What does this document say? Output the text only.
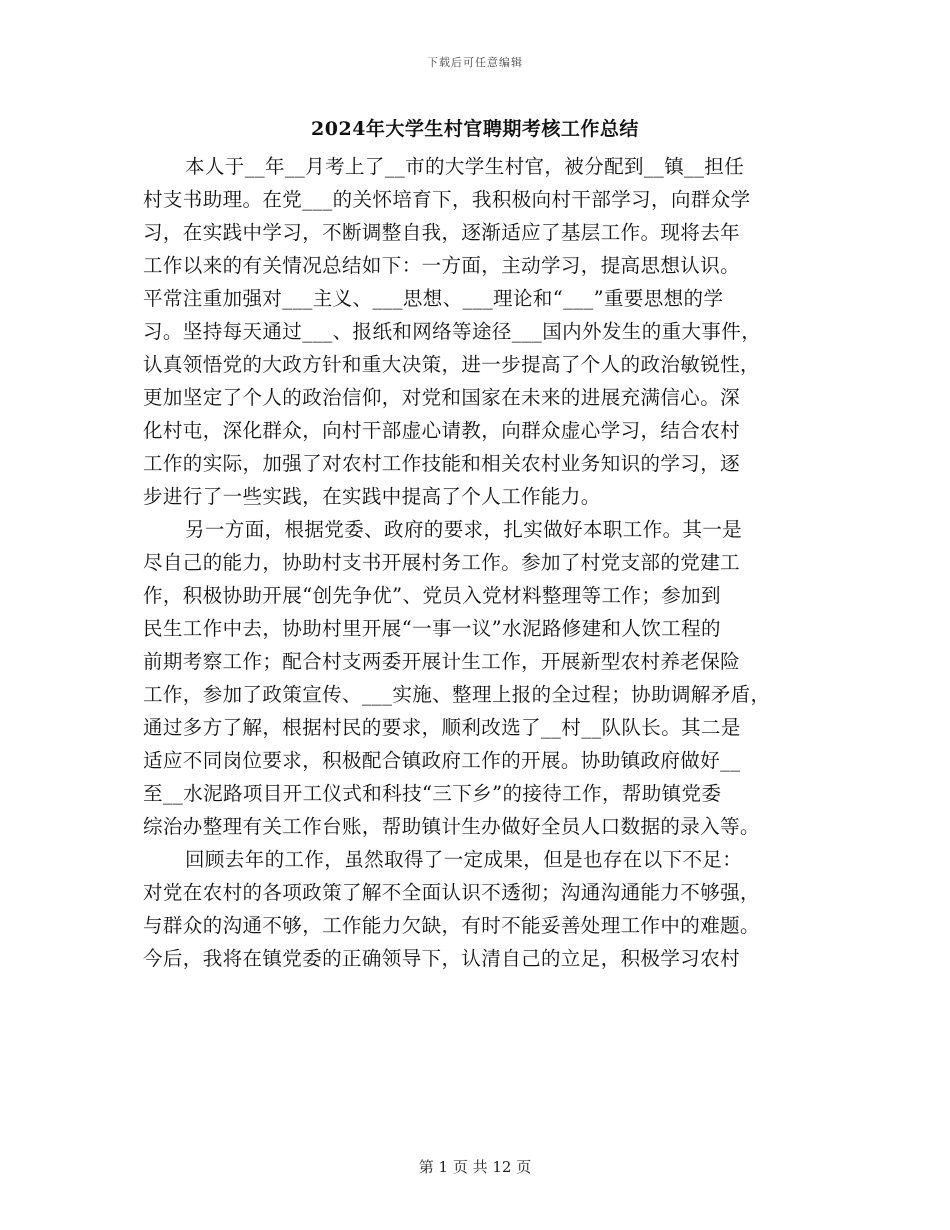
下载后可任意编辑
2024年大学生村官聘期考核工作总结
本人于__年__月考上了__市的大学生村官，被分配到__镇__担任
村支书助理。在党___的关怀培育下，我积极向村干部学习，向群众学
习，在实践中学习，不断调整自我，逐渐适应了基层工作。现将去年
工作以来的有关情况总结如下：一方面，主动学习，提高思想认识。
平常注重加强对___主义、___思想、___理论和“___”重要思想的学
习。坚持每天通过___、报纸和网络等途径___国内外发生的重大事件，
认真领悟党的大政方针和重大决策，进一步提高了个人的政治敏锐性，
更加坚定了个人的政治信仰，对党和国家在未来的进展充满信心。深
化村屯，深化群众，向村干部虚心请教，向群众虚心学习，结合农村
工作的实际，加强了对农村工作技能和相关农村业务知识的学习，逐
步进行了一些实践，在实践中提高了个人工作能力。
另一方面，根据党委、政府的要求，扎实做好本职工作。其一是
尽自己的能力，协助村支书开展村务工作。参加了村党支部的党建工
作，积极协助开展“创先争优”、党员入党材料整理等工作；参加到
民生工作中去，协助村里开展“一事一议”水泥路修建和人饮工程的
前期考察工作；配合村支两委开展计生工作，开展新型农村养老保险
工作，参加了政策宣传、___实施、整理上报的全过程；协助调解矛盾，
通过多方了解，根据村民的要求，顺利改选了__村__队队长。其二是
适应不同岗位要求，积极配合镇政府工作的开展。协助镇政府做好__
至__水泥路项目开工仪式和科技“三下乡”的接待工作，帮助镇党委
综治办整理有关工作台账，帮助镇计生办做好全员人口数据的录入等。
回顾去年的工作，虽然取得了一定成果，但是也存在以下不足：
对党在农村的各项政策了解不全面认识不透彻；沟通沟通能力不够强，
与群众的沟通不够，工作能力欠缺，有时不能妥善处理工作中的难题。
今后，我将在镇党委的正确领导下，认清自己的立足，积极学习农村
第 1 页 共 12 页
